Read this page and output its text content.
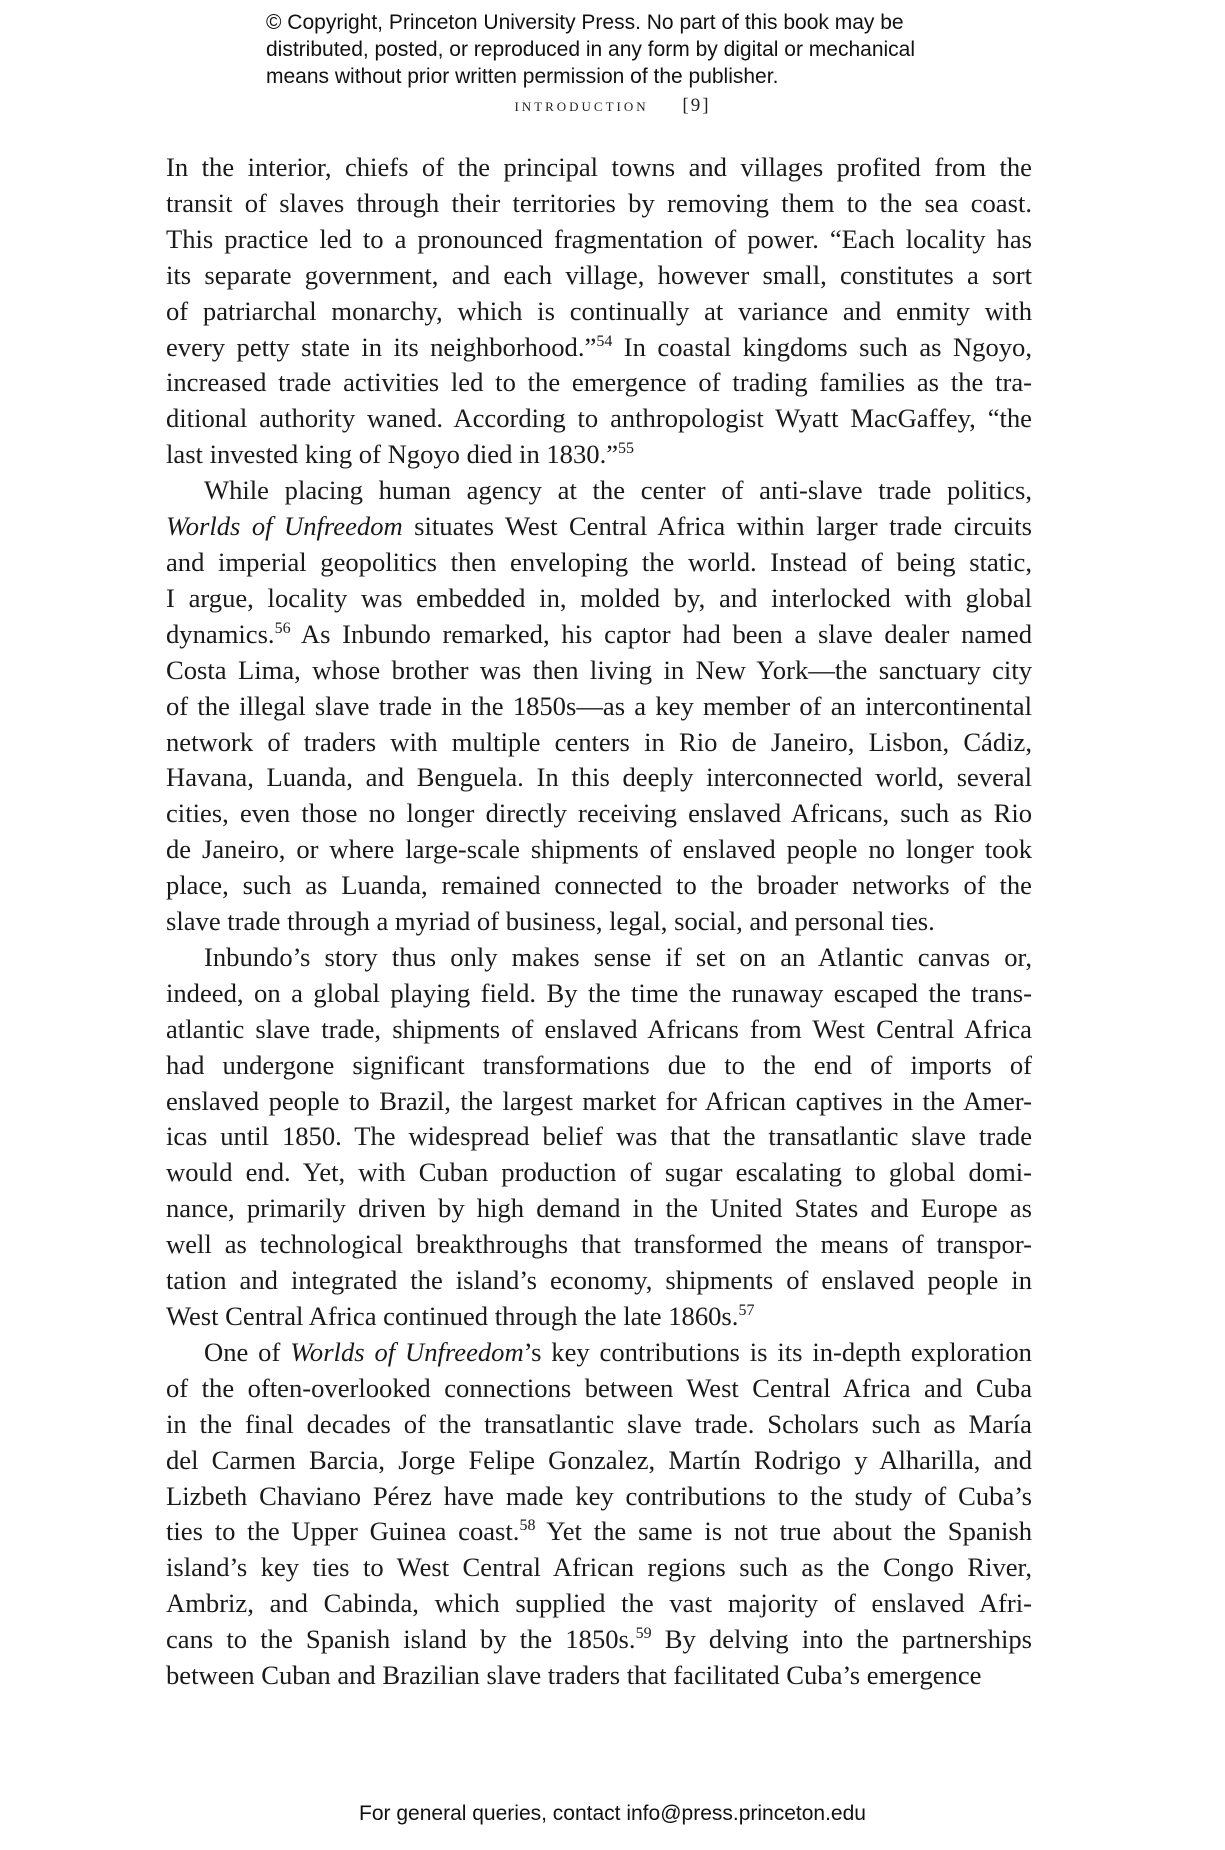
© Copyright, Princeton University Press. No part of this book may be

distributed, posted, or reproduced in any form by digital or mechanical

means without prior written permission of the publisher.

introduction [9]
In the interior, chiefs of the principal towns and villages profited from the
transit of slaves through their territories by removing them to the sea coast.
This practice led to a pronounced fragmentation of power. “Each locality has
its separate government, and each village, however small, constitutes a sort
of patriarchal monarchy, which is continually at variance and enmity with
every petty state in its neighborhood.”$^{54}$ In coastal kingdoms such as Ngoyo,
increased trade activities led to the emergence of trading families as the tra-
ditional authority waned. According to anthropologist Wyatt MacGaffey, “the
last invested king of Ngoyo died in 1830.”$^{55}$
While placing human agency at the center of anti-slave trade politics,
Worlds of Unfreedom situates West Central Africa within larger trade circuits
and imperial geopolitics then enveloping the world. Instead of being static,
I argue, locality was embedded in, molded by, and interlocked with global
dynamics.$^{56}$ As Inbundo remarked, his captor had been a slave dealer named
Costa Lima, whose brother was then living in New York—the sanctuary city
of the illegal slave trade in the 1850s—as a key member of an intercontinental
network of traders with multiple centers in Rio de Janeiro, Lisbon, Cádiz,
Havana, Luanda, and Benguela. In this deeply interconnected world, several
cities, even those no longer directly receiving enslaved Africans, such as Rio
de Janeiro, or where large-scale shipments of enslaved people no longer took
place, such as Luanda, remained connected to the broader networks of the
slave trade through a myriad of business, legal, social, and personal ties.
Inbundo’s story thus only makes sense if set on an Atlantic canvas or,
indeed, on a global playing field. By the time the runaway escaped the trans-
atlantic slave trade, shipments of enslaved Africans from West Central Africa
had undergone significant transformations due to the end of imports of
enslaved people to Brazil, the largest market for African captives in the Amer-
icas until 1850. The widespread belief was that the transatlantic slave trade
would end. Yet, with Cuban production of sugar escalating to global domi-
nance, primarily driven by high demand in the United States and Europe as
well as technological breakthroughs that transformed the means of transpor-
tation and integrated the island’s economy, shipments of enslaved people in
West Central Africa continued through the late 1860s.$^{57}$
One of Worlds of Unfreedom’s key contributions is its in-depth exploration
of the often-overlooked connections between West Central Africa and Cuba
in the final decades of the transatlantic slave trade. Scholars such as María
del Carmen Barcia, Jorge Felipe Gonzalez, Martín Rodrigo y Alharilla, and
Lizbeth Chaviano Pérez have made key contributions to the study of Cuba’s
ties to the Upper Guinea coast.$^{58}$ Yet the same is not true about the Spanish
island’s key ties to West Central African regions such as the Congo River,
Ambriz, and Cabinda, which supplied the vast majority of enslaved Afri-
cans to the Spanish island by the 1850s.$^{59}$ By delving into the partnerships
between Cuban and Brazilian slave traders that facilitated Cuba’s emergence
For general queries, contact info@press.princeton.edu
